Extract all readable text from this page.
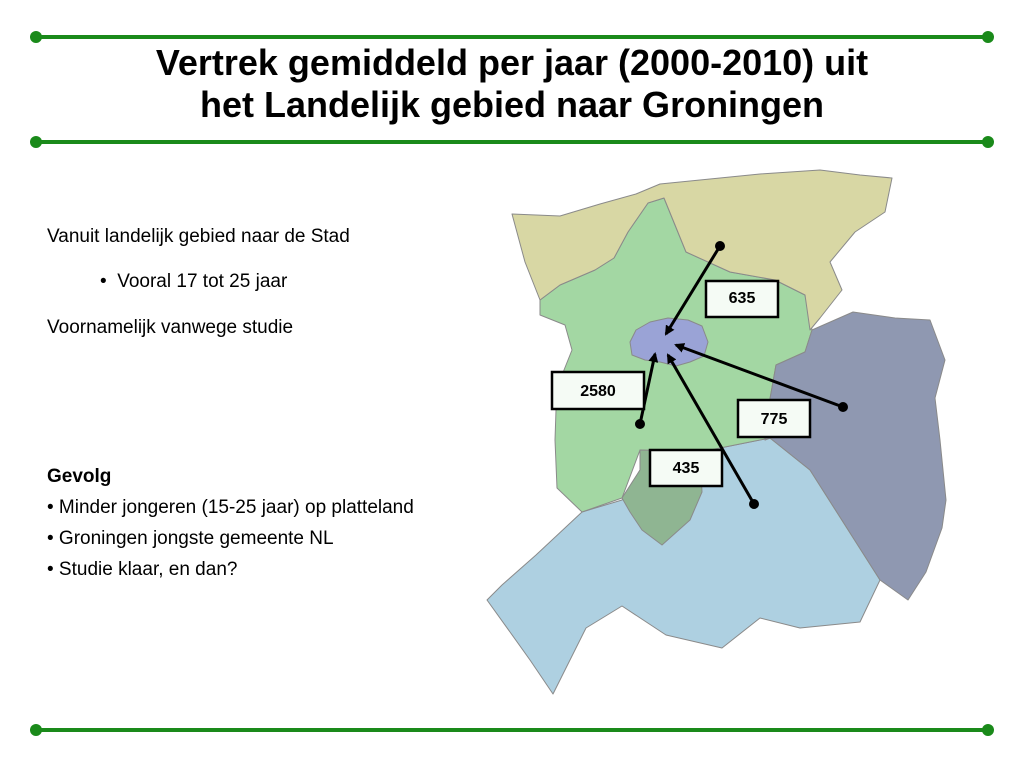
Vertrek gemiddeld per jaar (2000-2010) uit
het Landelijk gebied naar Groningen
Vanuit landelijk gebied naar de Stad
•  Vooral 17 tot 25 jaar
Voornamelijk vanwege studie
Gevolg
• Minder jongeren (15-25 jaar) op platteland
• Groningen jongste gemeente NL
• Studie klaar, en dan?
635
2580
775
435
